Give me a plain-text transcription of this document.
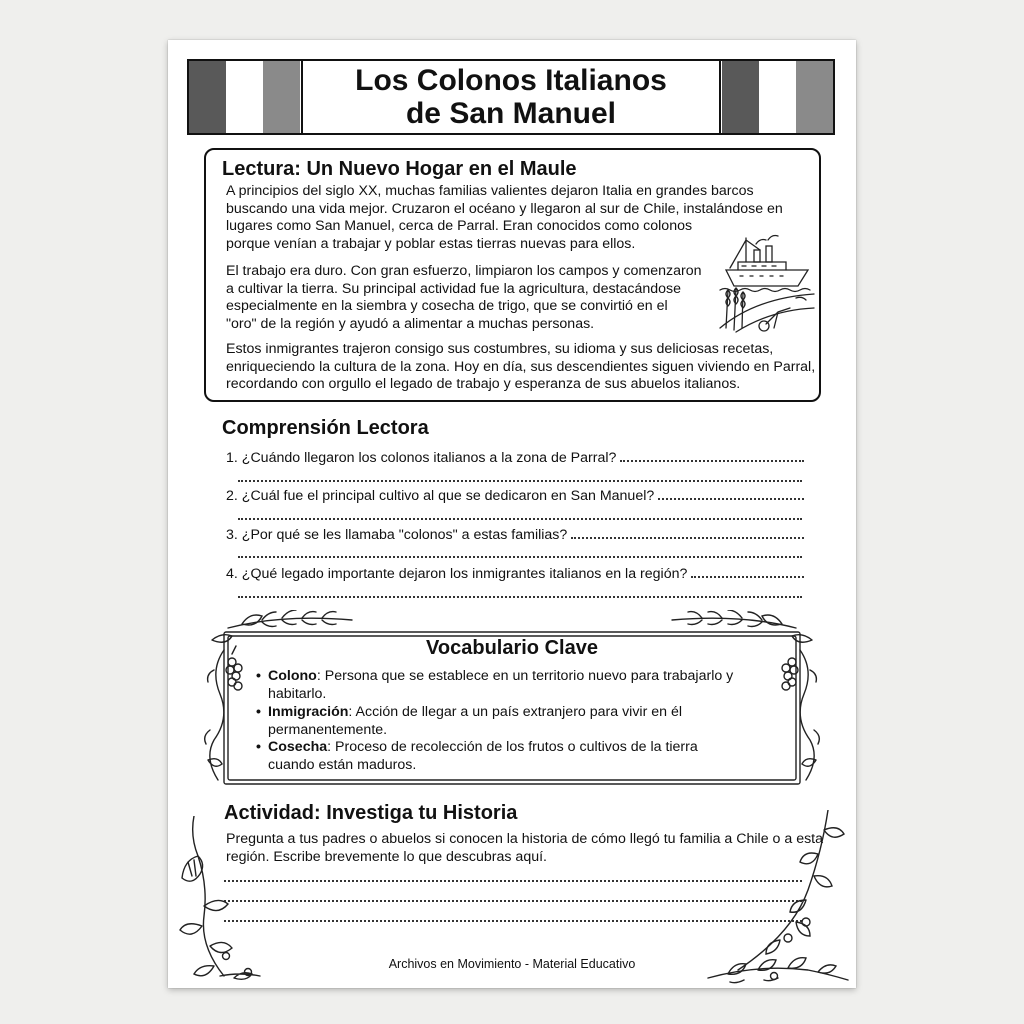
Los Colonos Italianos
de San Manuel
Lectura: Un Nuevo Hogar en el Maule
A principios del siglo XX, muchas familias valientes dejaron Italia en grandes barcos
buscando una vida mejor. Cruzaron el océano y llegaron al sur de Chile, instalándose en
lugares como San Manuel, cerca de Parral. Eran conocidos como colonos
porque venían a trabajar y poblar estas tierras nuevas para ellos.
El trabajo era duro. Con gran esfuerzo, limpiaron los campos y comenzaron
a cultivar la tierra. Su principal actividad fue la agricultura, destacándose
especialmente en la siembra y cosecha de trigo, que se convirtió en el
"oro" de la región y ayudó a alimentar a muchas personas.
Estos inmigrantes trajeron consigo sus costumbres, su idioma y sus deliciosas recetas,
enriqueciendo la cultura de la zona. Hoy en día, sus descendientes siguen viviendo en Parral,
recordando con orgullo el legado de trabajo y esperanza de sus abuelos italianos.
Comprensión Lectora
1. ¿Cuándo llegaron los colonos italianos a la zona de Parral?
2. ¿Cuál fue el principal cultivo al que se dedicaron en San Manuel?
3. ¿Por qué se les llamaba "colonos" a estas familias?
4. ¿Qué legado importante dejaron los inmigrantes italianos en la región?
Vocabulario Clave
• Colono: Persona que se establece en un territorio nuevo para trabajarlo y habitarlo.
• Inmigración: Acción de llegar a un país extranjero para vivir en él permanentemente.
• Cosecha: Proceso de recolección de los frutos o cultivos de la tierra cuando están maduros.
Actividad: Investiga tu Historia

Pregunta a tus padres o abuelos si conocen la historia de cómo llegó tu familia a Chile o a esta región. Escribe brevemente lo que descubras aquí.

Archivos en Movimiento - Material Educativo
